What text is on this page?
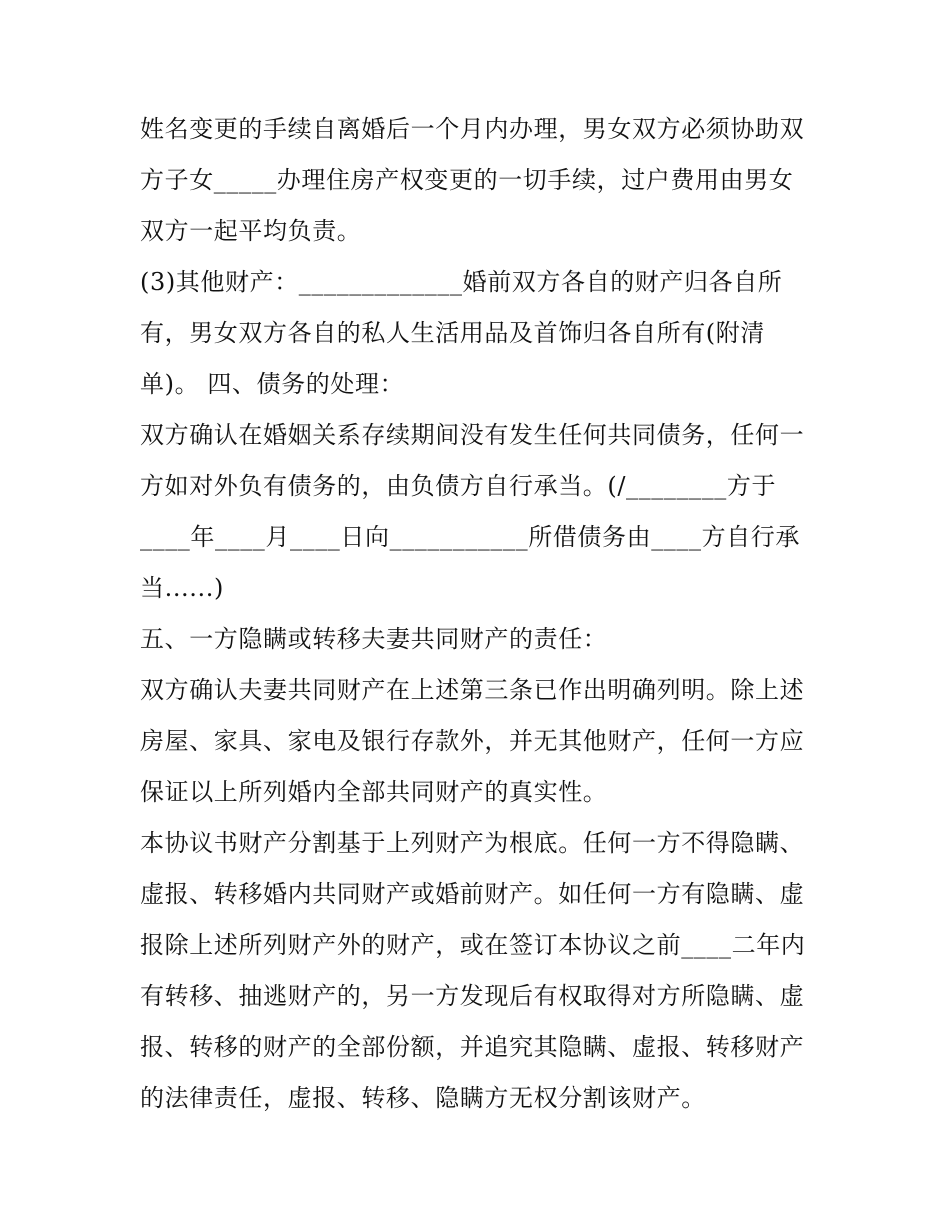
姓名变更的手续自离婚后一个月内办理，男女双方必须协助双
方子女_____办理住房产权变更的一切手续，过户费用由男女
双方一起平均负责。
(3)其他财产：_____________婚前双方各自的财产归各自所
有，男女双方各自的私人生活用品及首饰归各自所有(附清
单)。 四、债务的处理：
双方确认在婚姻关系存续期间没有发生任何共同债务，任何一
方如对外负有债务的，由负债方自行承当。(/________方于
____年____月____日向___________所借债务由____方自行承
当......)
五、一方隐瞒或转移夫妻共同财产的责任：
双方确认夫妻共同财产在上述第三条已作出明确列明。除上述
房屋、家具、家电及银行存款外，并无其他财产，任何一方应
保证以上所列婚内全部共同财产的真实性。
本协议书财产分割基于上列财产为根底。任何一方不得隐瞒、
虚报、转移婚内共同财产或婚前财产。如任何一方有隐瞒、虚
报除上述所列财产外的财产，或在签订本协议之前____二年内
有转移、抽逃财产的，另一方发现后有权取得对方所隐瞒、虚
报、转移的财产的全部份额，并追究其隐瞒、虚报、转移财产
的法律责任，虚报、转移、隐瞒方无权分割该财产。
